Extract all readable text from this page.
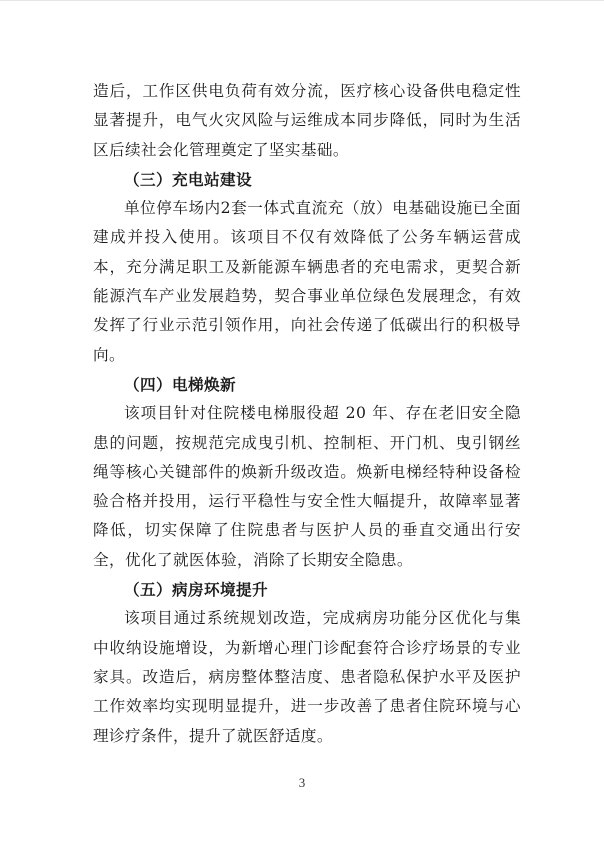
造后，工作区供电负荷有效分流，医疗核心设备供电稳定性显著提升，电气火灾风险与运维成本同步降低，同时为生活区后续社会化管理奠定了坚实基础。

（三）充电站建设

单位停车场内2套一体式直流充（放）电基础设施已全面建成并投入使用。该项目不仅有效降低了公务车辆运营成本，充分满足职工及新能源车辆患者的充电需求，更契合新能源汽车产业发展趋势，契合事业单位绿色发展理念，有效发挥了行业示范引领作用，向社会传递了低碳出行的积极导向。

（四）电梯焕新

该项目针对住院楼电梯服役超 20 年、存在老旧安全隐患的问题，按规范完成曳引机、控制柜、开门机、曳引钢丝绳等核心关键部件的焕新升级改造。焕新电梯经特种设备检验合格并投用，运行平稳性与安全性大幅提升，故障率显著降低，切实保障了住院患者与医护人员的垂直交通出行安全，优化了就医体验，消除了长期安全隐患。

（五）病房环境提升

该项目通过系统规划改造，完成病房功能分区优化与集中收纳设施增设，为新增心理门诊配套符合诊疗场景的专业家具。改造后，病房整体整洁度、患者隐私保护水平及医护工作效率均实现明显提升，进一步改善了患者住院环境与心理诊疗条件，提升了就医舒适度。

3
